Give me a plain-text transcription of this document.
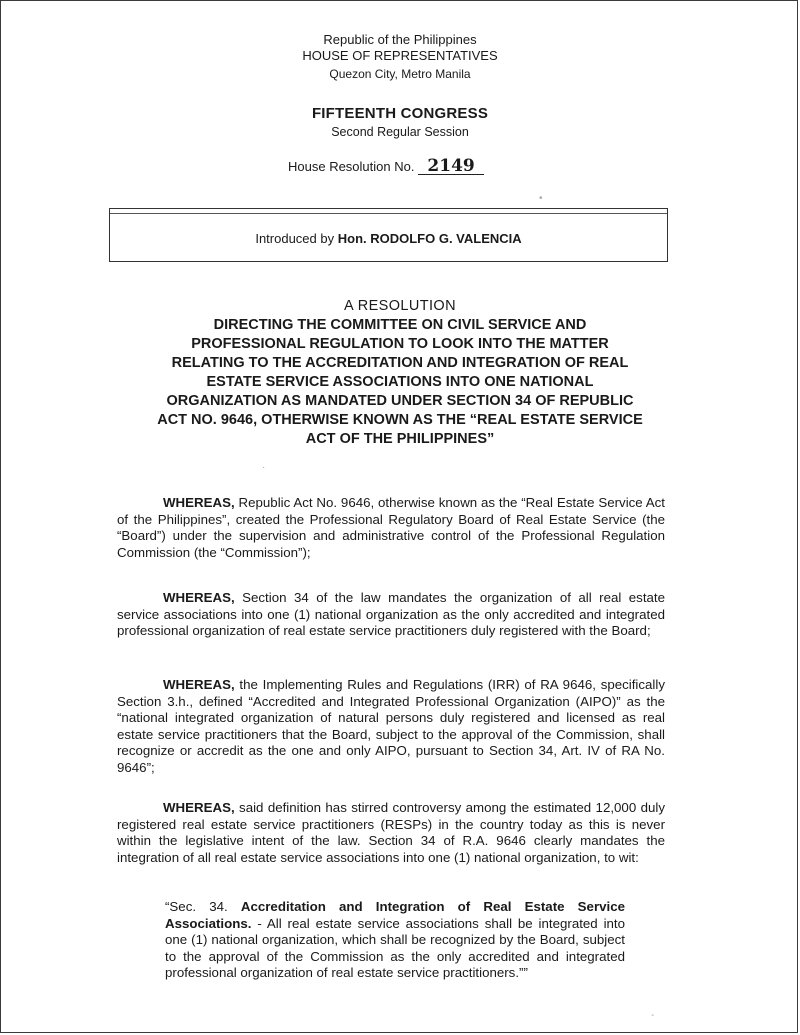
Republic of the Philippines
HOUSE OF REPRESENTATIVES
Quezon City, Metro Manila
FIFTEENTH CONGRESS
Second Regular Session
House Resolution No. 2149
•
Introduced by Hon. RODOLFO G. VALENCIA
A RESOLUTION
DIRECTING THE COMMITTEE ON CIVIL SERVICE AND
PROFESSIONAL REGULATION TO LOOK INTO THE MATTER
RELATING TO THE ACCREDITATION AND INTEGRATION OF REAL
ESTATE SERVICE ASSOCIATIONS INTO ONE NATIONAL
ORGANIZATION AS MANDATED UNDER SECTION 34 OF REPUBLIC
ACT NO. 9646, OTHERWISE KNOWN AS THE “REAL ESTATE SERVICE
ACT OF THE PHILIPPINES”

WHEREAS, Republic Act No. 9646, otherwise known as the “Real Estate Service Act of the Philippines”, created the Professional Regulatory Board of Real Estate Service (the “Board”) under the supervision and administrative control of the Professional Regulation Commission (the “Commission”);

WHEREAS, Section 34 of the law mandates the organization of all real estate service associations into one (1) national organization as the only accredited and integrated professional organization of real estate service practitioners duly registered with the Board;

WHEREAS, the Implementing Rules and Regulations (IRR) of RA 9646, specifically Section 3.h., defined “Accredited and Integrated Professional Organization (AIPO)” as the “national integrated organization of natural persons duly registered and licensed as real estate service practitioners that the Board, subject to the approval of the Commission, shall recognize or accredit as the one and only AIPO, pursuant to Section 34, Art. IV of RA No. 9646”;

WHEREAS, said definition has stirred controversy among the estimated 12,000 duly registered real estate service practitioners (RESPs) in the country today as this is never within the legislative intent of the law. Section 34 of R.A. 9646 clearly mandates the integration of all real estate service associations into one (1) national organization, to wit:

“Sec. 34. Accreditation and Integration of Real Estate Service Associations. - All real estate service associations shall be integrated into one (1) national organization, which shall be recognized by the Board, subject to the approval of the Commission as the only accredited and integrated professional organization of real estate service practitioners.””
·
-
